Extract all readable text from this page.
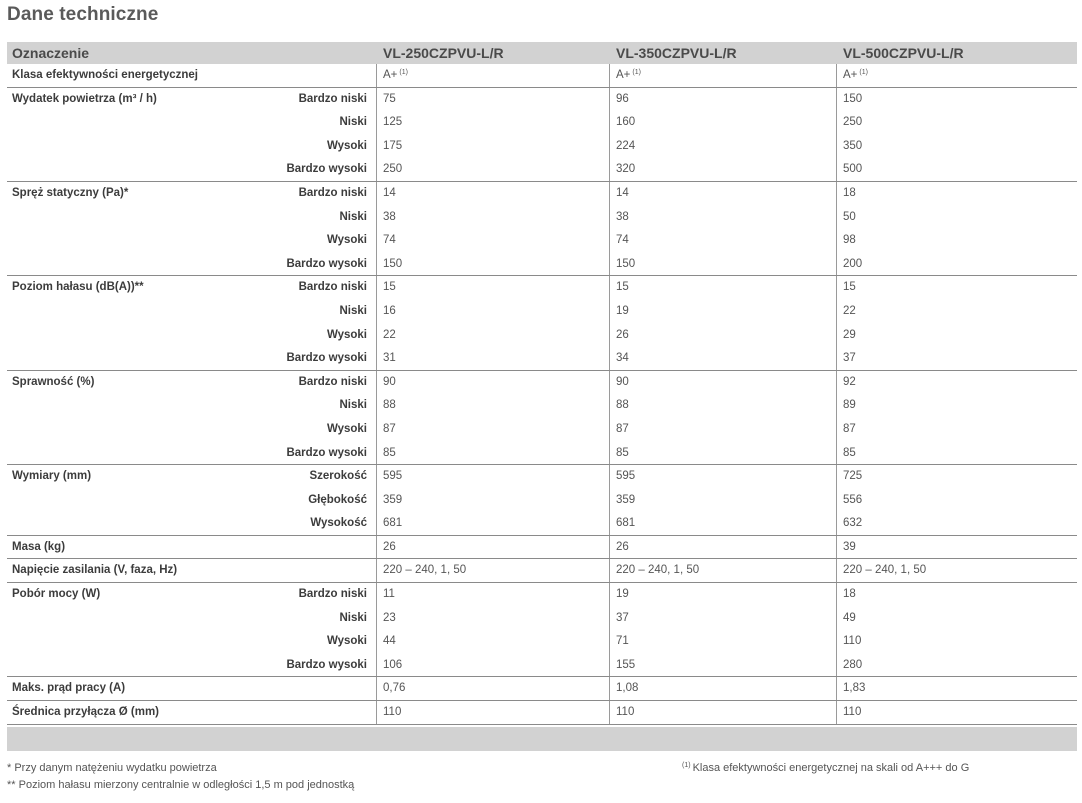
Dane techniczne
Oznaczenie	VL-250CZPVU-L/R	VL-350CZPVU-L/R	VL-500CZPVU-L/R
Klasa efektywności energetycznej	A+ $^{(1)}$	A+ $^{(1)}$	A+ $^{(1)}$
Wydatek powietrza (m³ / h)	Bardzo niski 75	96	150
Niski 125	160	250
Wysoki 175	224	350
Bardzo wysoki 250	320	500
Spręż statyczny (Pa)*	Bardzo niski 14	14	18
Niski 38	38	50
Wysoki 74	74	98
Bardzo wysoki 150	150	200
Poziom hałasu (dB(A))**	Bardzo niski 15	15	15
Niski 16	19	22
Wysoki 22	26	29
Bardzo wysoki 31	34	37
Sprawność (%)	Bardzo niski 90	90	92
Niski 88	88	89
Wysoki 87	87	87
Bardzo wysoki 85	85	85
Wymiary (mm)	Szerokość 595	595	725
Głębokość 359	359	556
Wysokość 681	681	632
Masa (kg)	26	26	39
Napięcie zasilania (V, faza, Hz)	220 – 240, 1, 50	220 – 240, 1, 50	220 – 240, 1, 50
Pobór mocy (W)	Bardzo niski 11	19	18
Niski 23	37	49
Wysoki 44	71	110
Bardzo wysoki 106	155	280
Maks. prąd pracy (A)	0,76	1,08	1,83
Średnica przyłącza Ø (mm)	110	110	110
* Przy danym natężeniu wydatku powietrza
** Poziom hałasu mierzony centralnie w odległości 1,5 m pod jednostką
$^{(1)}$ Klasa efektywności energetycznej na skali od A+++ do G
